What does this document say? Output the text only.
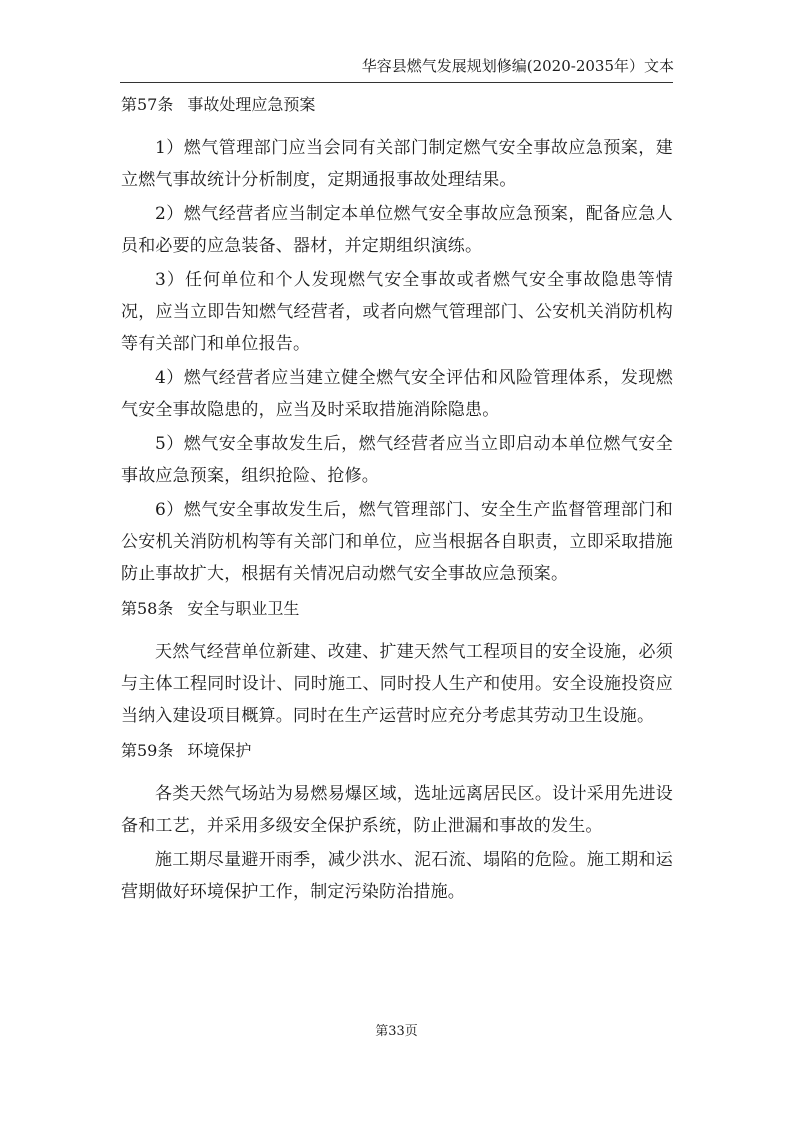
华容县燃气发展规划修编(2020-2035年）文本
第57条 事故处理应急预案

1）燃气管理部门应当会同有关部门制定燃气安全事故应急预案，建立燃气事故统计分析制度，定期通报事故处理结果。

2）燃气经营者应当制定本单位燃气安全事故应急预案，配备应急人员和必要的应急装备、器材，并定期组织演练。

3）任何单位和个人发现燃气安全事故或者燃气安全事故隐患等情况，应当立即告知燃气经营者，或者向燃气管理部门、公安机关消防机构等有关部门和单位报告。

4）燃气经营者应当建立健全燃气安全评估和风险管理体系，发现燃气安全事故隐患的，应当及时采取措施消除隐患。

5）燃气安全事故发生后，燃气经营者应当立即启动本单位燃气安全事故应急预案，组织抢险、抢修。

6）燃气安全事故发生后，燃气管理部门、安全生产监督管理部门和公安机关消防机构等有关部门和单位，应当根据各自职责，立即采取措施防止事故扩大，根据有关情况启动燃气安全事故应急预案。

第58条 安全与职业卫生

天然气经营单位新建、改建、扩建天然气工程项目的安全设施，必须与主体工程同时设计、同时施工、同时投人生产和使用。安全设施投资应当纳入建设项目概算。同时在生产运营时应充分考虑其劳动卫生设施。

第59条 环境保护

各类天然气场站为易燃易爆区域，选址远离居民区。设计采用先进设备和工艺，并采用多级安全保护系统，防止泄漏和事故的发生。

施工期尽量避开雨季，减少洪水、泥石流、塌陷的危险。施工期和运营期做好环境保护工作，制定污染防治措施。

第33页
